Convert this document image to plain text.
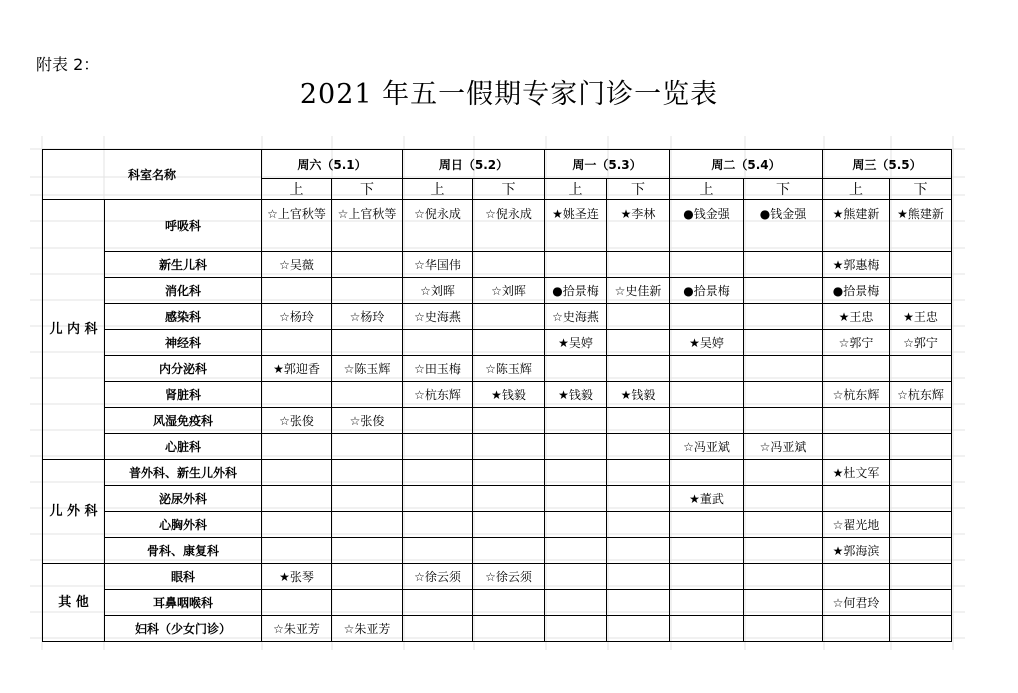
附表 2：
2021 年五一假期专家门诊一览表
科室名称		周六（5.1）		周日（5.2）		周一（5.3）		周二（5.4）		周三（5.5）	
		上	下	上	下	上	下	上	下	上	下
儿 内 科	呼吸科	☆上官秋等	☆上官秋等	☆倪永成	☆倪永成	★姚圣连	★李林	●钱金强	●钱金强	★熊建新	★熊建新
	新生儿科	☆吴薇		☆华国伟						★郭惠梅	
	消化科			☆刘晖	☆刘晖	●拾景梅	☆史佳新	●拾景梅		●拾景梅	
	感染科	☆杨玲	☆杨玲	☆史海燕		☆史海燕				★王忠	★王忠
	神经科					★吴婷		★吴婷		☆郭宁	☆郭宁
	内分泌科	★郭迎香	☆陈玉辉	☆田玉梅	☆陈玉辉						
	肾脏科			☆杭东辉	★钱毅	★钱毅	★钱毅			☆杭东辉	☆杭东辉
	风湿免疫科	☆张俊	☆张俊								
	心脏科							☆冯亚斌	☆冯亚斌		
儿 外 科	普外科、新生儿外科									★杜文军	
	泌尿外科							★董武			
	心胸外科									☆翟光地	
	骨科、康复科									★郭海滨	
其 他	眼科	★张琴		☆徐云须	☆徐云须						
	耳鼻咽喉科									☆何君玲	
	妇科（少女门诊）	☆朱亚芳	☆朱亚芳								
